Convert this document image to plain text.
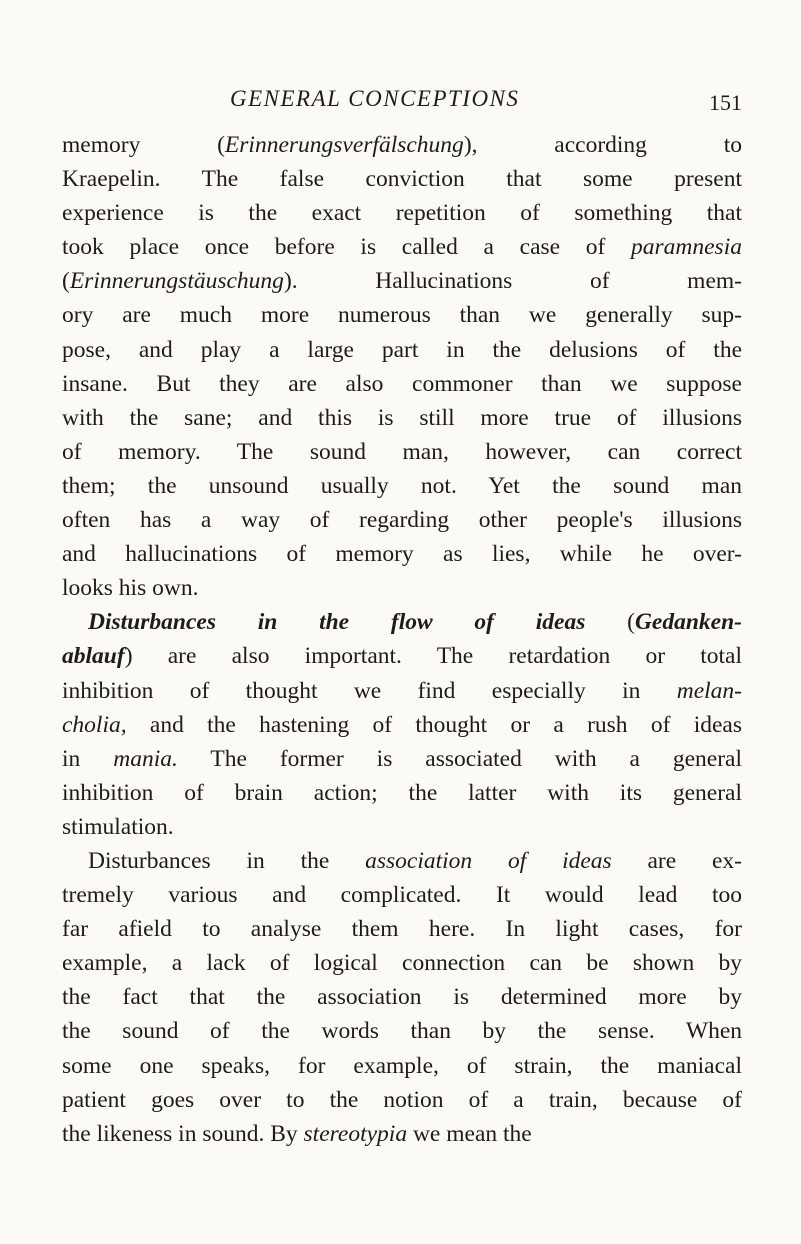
GENERAL CONCEPTIONS	151
memory (Erinnerungsverfälschung), according to
Kraepelin. The false conviction that some present
experience is the exact repetition of something that
took place once before is called a case of paramnesia
(Erinnerungstäuschung). Hallucinations of mem-
ory are much more numerous than we generally sup-
pose, and play a large part in the delusions of the
insane. But they are also commoner than we suppose
with the sane; and this is still more true of illusions
of memory. The sound man, however, can correct
them; the unsound usually not. Yet the sound man
often has a way of regarding other people's illusions
and hallucinations of memory as lies, while he over-
looks his own.
Disturbances in the flow of ideas (Gedanken-
ablauf) are also important. The retardation or total
inhibition of thought we find especially in melan-
cholia, and the hastening of thought or a rush of ideas
in mania. The former is associated with a general
inhibition of brain action; the latter with its general
stimulation.
Disturbances in the association of ideas are ex-
tremely various and complicated. It would lead too
far afield to analyse them here. In light cases, for
example, a lack of logical connection can be shown by
the fact that the association is determined more by
the sound of the words than by the sense. When
some one speaks, for example, of strain, the maniacal
patient goes over to the notion of a train, because of
the likeness in sound. By stereotypia we mean the
